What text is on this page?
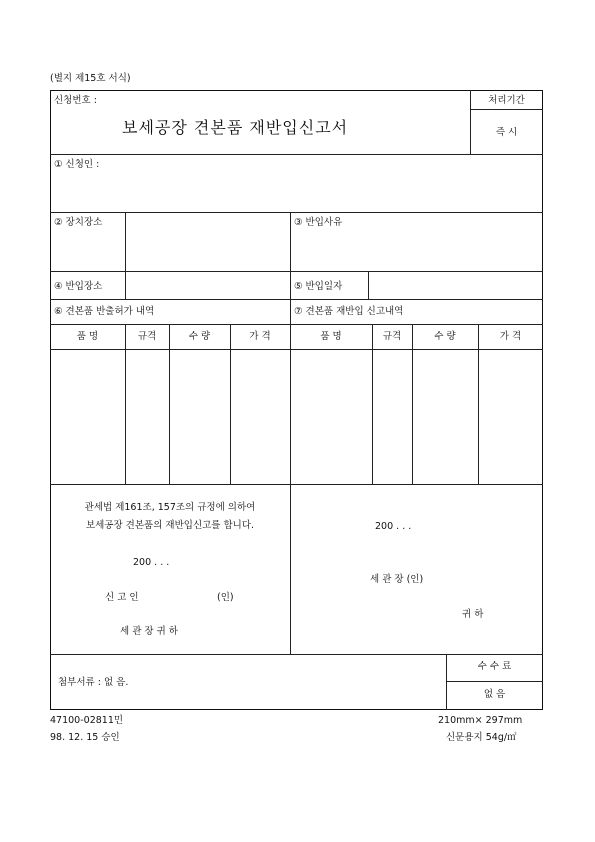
(별지 제15호 서식)
신청번호 :
보세공장 견본품 재반입신고서
처리기간
즉 시
① 신청인 :
② 장치장소	③ 반입사유
④ 반입장소	⑤ 반입일자
⑥ 견본품 반출허가 내역	⑦ 견본품 재반입 신고내역
품 명	규격	수 량	가 격	품 명	규격	수 량	가 격
관세법 제161조, 157조의 규정에 의하여
보세공장 견본품의 재반입신고를 합니다.
200 . . .
신 고 인	(인)
세 관 장 귀 하
200 . . .
세 관 장 (인)
귀 하
첨부서류 : 없 음.
수 수 료
없 음
47100-02811민
98. 12. 15 승인
210mm× 297mm
신문용지 54g/㎡
